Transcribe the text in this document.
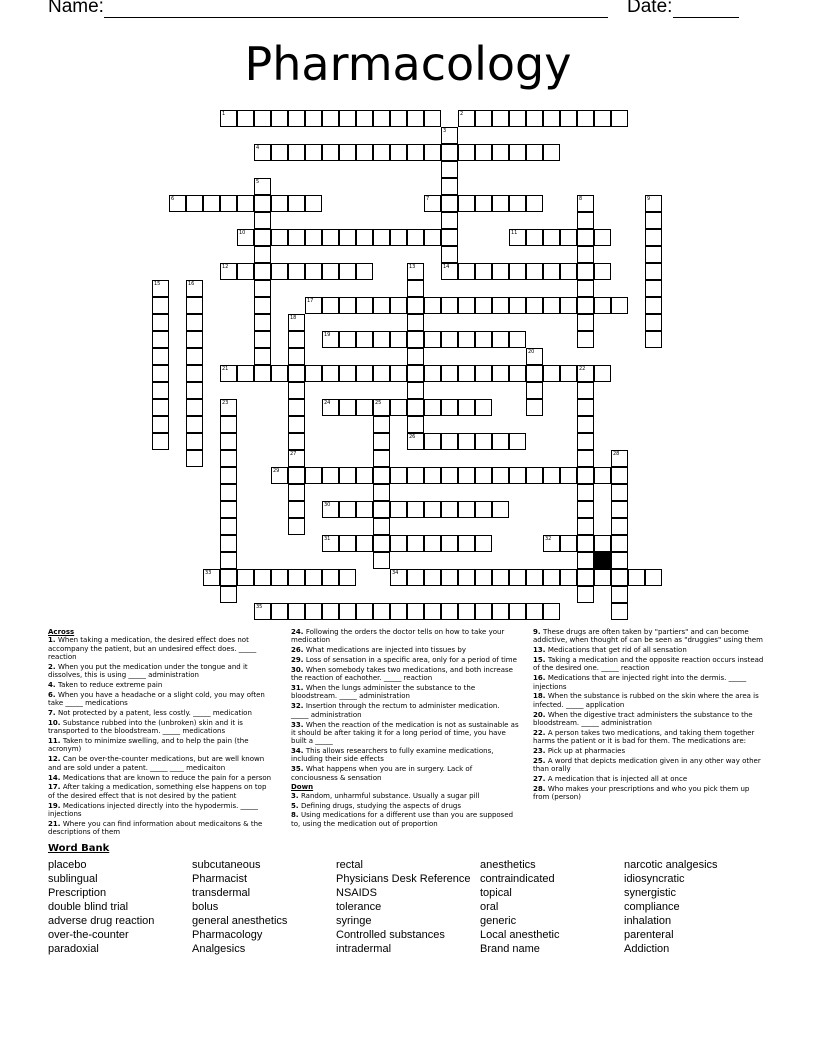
Name:	Date:
Pharmacology
1	2
3
4
5
6	7	8	9
10	11
12	13	14
15	16
17
18
19
20
21	22
23	24	25
26
27	28
29
30
31	32
33	34
35
Across
1. When taking a medication, the desired effect does not accompany the patient, but an undesired effect does. _____ reaction
2. When you put the medication under the tongue and it dissolves, this is using _____ administration
4. Taken to reduce extreme pain
6. When you have a headache or a slight cold, you may often take _____ medications
7. Not protected by a patent, less costly. _____ medication
10. Substance rubbed into the (unbroken) skin and it is transported to the bloodstream. _____ medications
11. Taken to minimize swelling, and to help the pain (the acronym)
12. Can be over-the-counter medications, but are well known and are sold under a patent. _____ ____ medicaiton
14. Medications that are known to reduce the pain for a person
17. After taking a medication, something else happens on top of the desired effect that is not desired by the patient
19. Medications injected directly into the hypodermis. _____ injections
21. Where you can find information about medicaitons & the descriptions of them
24. Following the orders the doctor tells on how to take your medication
26. What medications are injected into tissues by
29. Loss of sensation in a specific area, only for a period of time
30. When somebody takes two medications, and both increase the reaction of eachother. _____ reaction
31. When the lungs administer the substance to the bloodstream. _____ administration
32. Insertion through the rectum to administer medication. _____ administration
33. When the reaction of the medication is not as sustainable as it should be after taking it for a long period of time, you have built a _____
34. This allows researchers to fully examine medications, including their side effects
35. What happens when you are in surgery. Lack of conciousness & sensation
Down
3. Random, unharmful substance. Usually a sugar pill
5. Defining drugs, studying the aspects of drugs
8. Using medications for a different use than you are supposed to, using the medication out of proportion
9. These drugs are often taken by "partiers" and can become addictive, when thought of can be seen as "druggies" using them
13. Medications that get rid of all sensation
15. Taking a medication and the opposite reaction occurs instead of the desired one. _____ reaction
16. Medications that are injected right into the dermis. _____ injections
18. When the substance is rubbed on the skin where the area is infected. _____ application
20. When the digestive tract administers the substance to the bloodstream. _____ administration
22. A person takes two medications, and taking them together harms the patient or it is bad for them. The medications are:
23. Pick up at pharmacies
25. A word that depicts medication given in any other way other than orally
27. A medication that is injected all at once
28. Who makes your prescriptions and who you pick them up from (person)
Word Bank
placebo
sublingual
Prescription
double blind trial
adverse drug reaction
over-the-counter
paradoxial
subcutaneous
Pharmacist
transdermal
bolus
general anesthetics
Pharmacology
Analgesics
rectal
Physicians Desk Reference
NSAIDS
tolerance
syringe
Controlled substances
intradermal
anesthetics
contraindicated
topical
oral
generic
Local anesthetic
Brand name
narcotic analgesics
idiosyncratic
synergistic
compliance
inhalation
parenteral
Addiction
